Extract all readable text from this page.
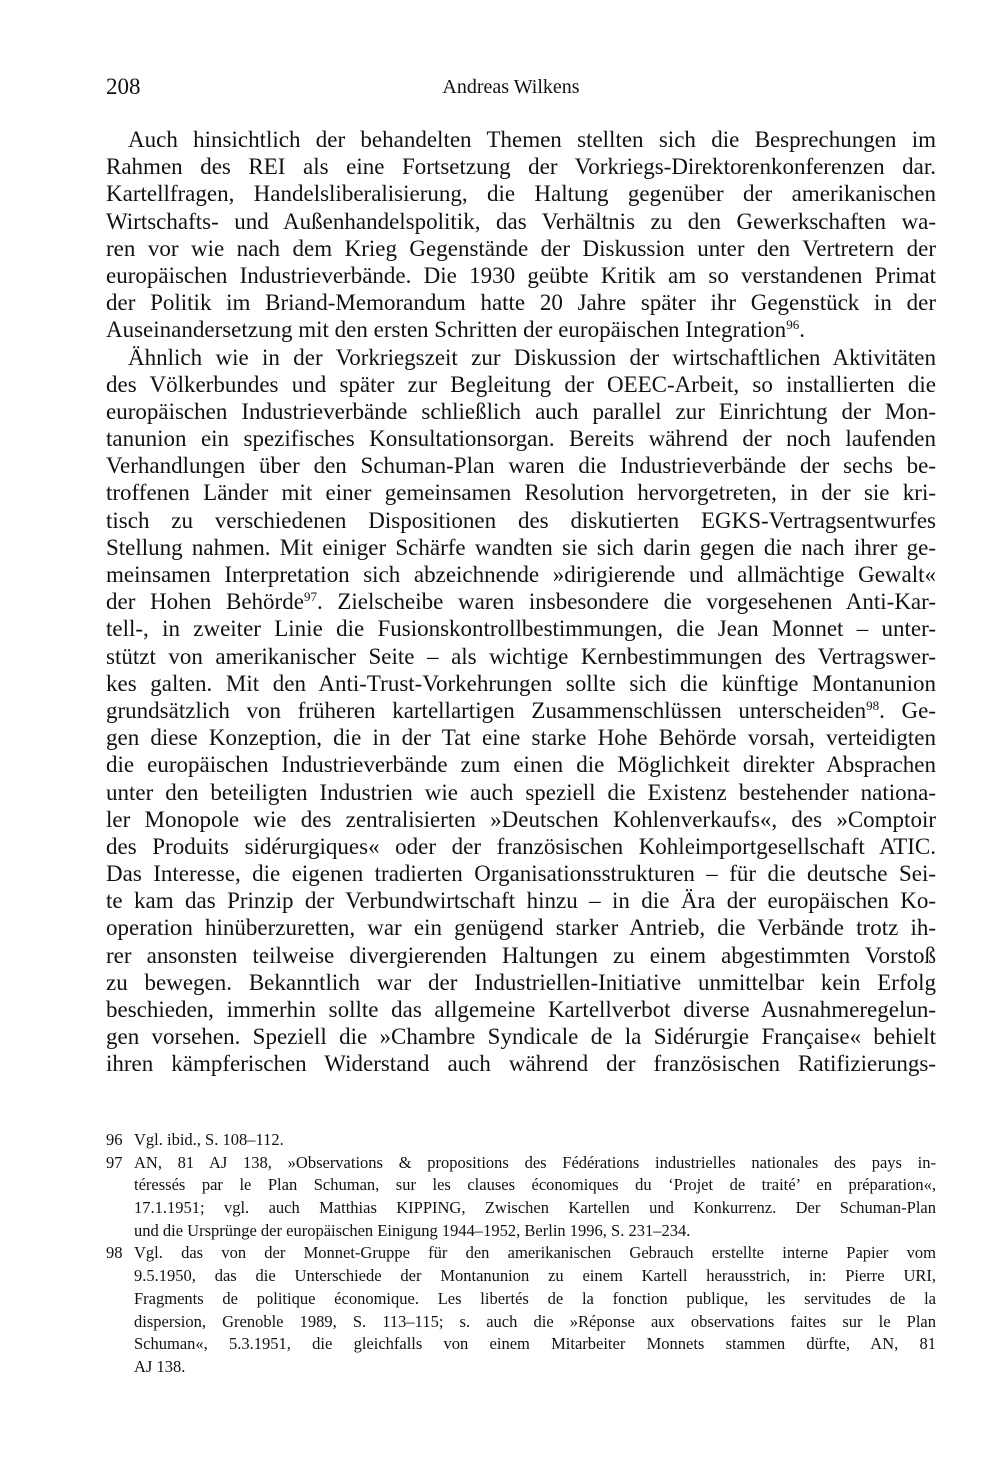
208	Andreas Wilkens
Auch hinsichtlich der behandelten Themen stellten sich die Besprechungen im
Rahmen des REI als eine Fortsetzung der Vorkriegs-Direktorenkonferenzen dar.
Kartellfragen, Handelsliberalisierung, die Haltung gegenüber der amerikanischen
Wirtschafts- und Außenhandelspolitik, das Verhältnis zu den Gewerkschaften wa-
ren vor wie nach dem Krieg Gegenstände der Diskussion unter den Vertretern der
europäischen Industrieverbände. Die 1930 geübte Kritik am so verstandenen Primat
der Politik im Briand-Memorandum hatte 20 Jahre später ihr Gegenstück in der
Auseinandersetzung mit den ersten Schritten der europäischen Integration$^{96}$.
Ähnlich wie in der Vorkriegszeit zur Diskussion der wirtschaftlichen Aktivitäten
des Völkerbundes und später zur Begleitung der OEEC-Arbeit, so installierten die
europäischen Industrieverbände schließlich auch parallel zur Einrichtung der Mon-
tanunion ein spezifisches Konsultationsorgan. Bereits während der noch laufenden
Verhandlungen über den Schuman-Plan waren die Industrieverbände der sechs be-
troffenen Länder mit einer gemeinsamen Resolution hervorgetreten, in der sie kri-
tisch zu verschiedenen Dispositionen des diskutierten EGKS-Vertragsentwurfes
Stellung nahmen. Mit einiger Schärfe wandten sie sich darin gegen die nach ihrer ge-
meinsamen Interpretation sich abzeichnende »dirigierende und allmächtige Gewalt«
der Hohen Behörde$^{97}$. Zielscheibe waren insbesondere die vorgesehenen Anti-Kar-
tell-, in zweiter Linie die Fusionskontrollbestimmungen, die Jean Monnet – unter-
stützt von amerikanischer Seite – als wichtige Kernbestimmungen des Vertragswer-
kes galten. Mit den Anti-Trust-Vorkehrungen sollte sich die künftige Montanunion
grundsätzlich von früheren kartellartigen Zusammenschlüssen unterscheiden$^{98}$. Ge-
gen diese Konzeption, die in der Tat eine starke Hohe Behörde vorsah, verteidigten
die europäischen Industrieverbände zum einen die Möglichkeit direkter Absprachen
unter den beteiligten Industrien wie auch speziell die Existenz bestehender nationa-
ler Monopole wie des zentralisierten »Deutschen Kohlenverkaufs«, des »Comptoir
des Produits sidérurgiques« oder der französischen Kohleimportgesellschaft ATIC.
Das Interesse, die eigenen tradierten Organisationsstrukturen – für die deutsche Sei-
te kam das Prinzip der Verbundwirtschaft hinzu – in die Ära der europäischen Ko-
operation hinüberzuretten, war ein genügend starker Antrieb, die Verbände trotz ih-
rer ansonsten teilweise divergierenden Haltungen zu einem abgestimmten Vorstoß
zu bewegen. Bekanntlich war der Industriellen-Initiative unmittelbar kein Erfolg
beschieden, immerhin sollte das allgemeine Kartellverbot diverse Ausnahmeregelun-
gen vorsehen. Speziell die »Chambre Syndicale de la Sidérurgie Française« behielt
ihren kämpferischen Widerstand auch während der französischen Ratifizierungs-
96 Vgl. ibid., S. 108–112.
97 AN, 81 AJ 138, »Observations & propositions des Fédérations industrielles nationales des pays in-
téressés par le Plan Schuman, sur les clauses économiques du ‘Projet de traité’ en préparation«,
17.1.1951; vgl. auch Matthias KIPPING, Zwischen Kartellen und Konkurrenz. Der Schuman-Plan
und die Ursprünge der europäischen Einigung 1944–1952, Berlin 1996, S. 231–234.
98 Vgl. das von der Monnet-Gruppe für den amerikanischen Gebrauch erstellte interne Papier vom
9.5.1950, das die Unterschiede der Montanunion zu einem Kartell herausstrich, in: Pierre URI,
Fragments de politique économique. Les libertés de la fonction publique, les servitudes de la
dispersion, Grenoble 1989, S. 113–115; s. auch die »Réponse aux observations faites sur le Plan
Schuman«, 5.3.1951, die gleichfalls von einem Mitarbeiter Monnets stammen dürfte, AN, 81
AJ 138.
